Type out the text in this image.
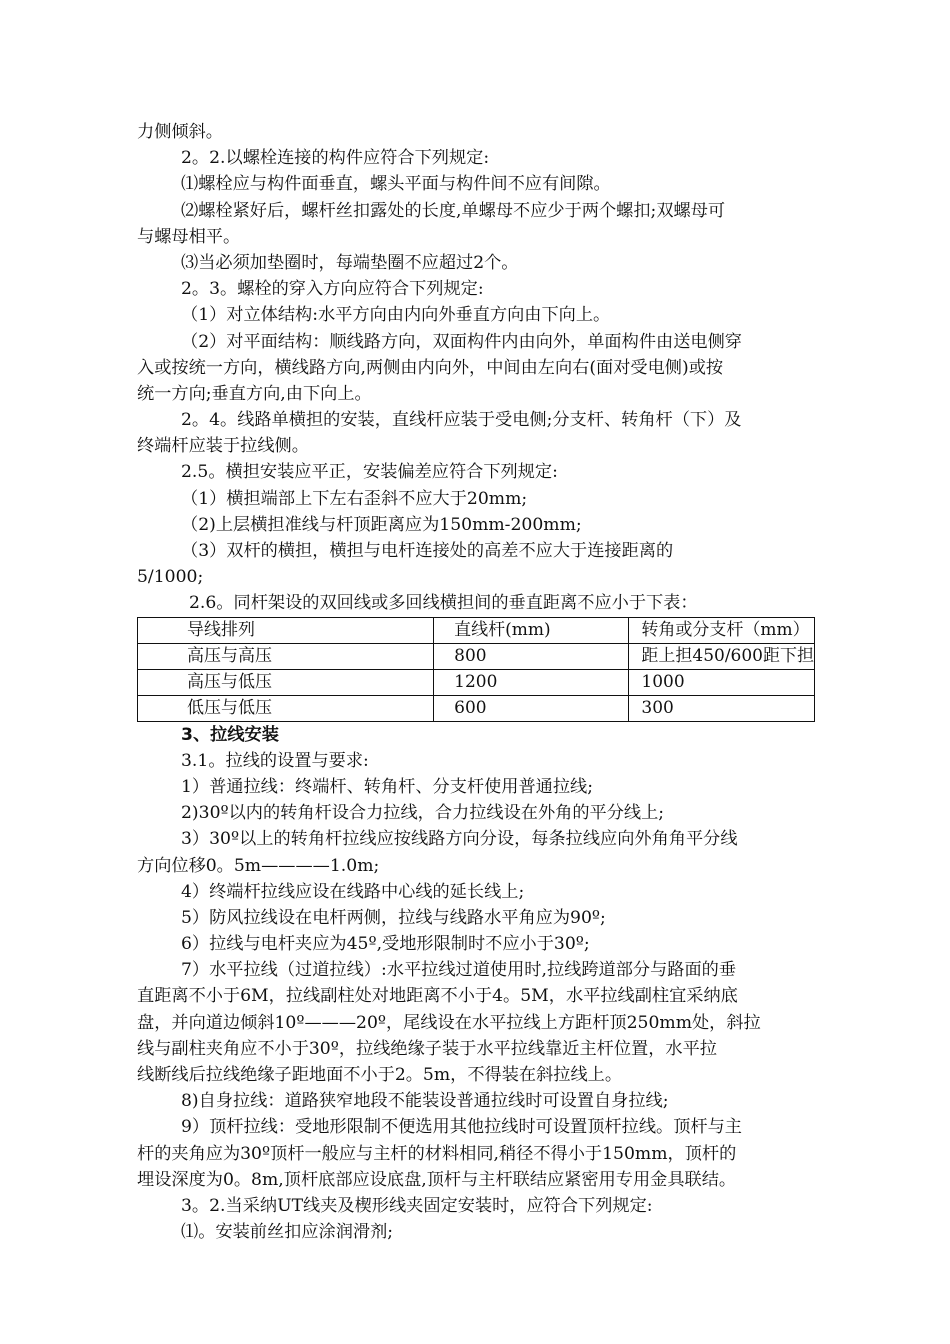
力侧倾斜。
2。2.以螺栓连接的构件应符合下列规定:
⑴螺栓应与构件面垂直，螺头平面与构件间不应有间隙。
⑵螺栓紧好后，螺杆丝扣露处的长度,单螺母不应少于两个螺扣;双螺母可
与螺母相平。
⑶当必须加垫圈时，每端垫圈不应超过2个。
2。3。螺栓的穿入方向应符合下列规定:
（1）对立体结构:水平方向由内向外垂直方向由下向上。
（2）对平面结构：顺线路方向，双面构件内由向外，单面构件由送电侧穿
入或按统一方向，横线路方向,两侧由内向外，中间由左向右(面对受电侧)或按
统一方向;垂直方向,由下向上。
2。4。线路单横担的安装，直线杆应装于受电侧;分支杆、转角杆（下）及
终端杆应装于拉线侧。
2.5。横担安装应平正，安装偏差应符合下列规定:
（1）横担端部上下左右歪斜不应大于20mm;
（2)上层横担准线与杆顶距离应为150mm-200mm;
（3）双杆的横担，横担与电杆连接处的高差不应大于连接距离的
5/1000;
2.6。同杆架设的双回线或多回线横担间的垂直距离不应小于下表：
导线排列	直线杆(mm)	转角或分支杆（mm）
高压与高压	800	距上担450/600距下担
高压与低压	1200	1000
低压与低压	600	300
3、拉线安装
3.1。拉线的设置与要求:
1）普通拉线：终端杆、转角杆、分支杆使用普通拉线;
2)30º以内的转角杆设合力拉线，合力拉线设在外角的平分线上;
3）30º以上的转角杆拉线应按线路方向分设，每条拉线应向外角角平分线
方向位移0。5m————1.0m;
4）终端杆拉线应设在线路中心线的延长线上;
5）防风拉线设在电杆两侧，拉线与线路水平角应为90º;
6）拉线与电杆夹应为45º,受地形限制时不应小于30º;
7）水平拉线（过道拉线）:水平拉线过道使用时,拉线跨道部分与路面的垂
直距离不小于6M，拉线副柱处对地距离不小于4。5M，水平拉线副柱宜采纳底
盘，并向道边倾斜10º———20º，尾线设在水平拉线上方距杆顶250mm处，斜拉
线与副柱夹角应不小于30º，拉线绝缘子装于水平拉线靠近主杆位置，水平拉
线断线后拉线绝缘子距地面不小于2。5m，不得装在斜拉线上。
8)自身拉线：道路狭窄地段不能装设普通拉线时可设置自身拉线;
9）顶杆拉线：受地形限制不便选用其他拉线时可设置顶杆拉线。顶杆与主
杆的夹角应为30º顶杆一般应与主杆的材料相同,稍径不得小于150mm，顶杆的
埋设深度为0。8m,顶杆底部应设底盘,顶杆与主杆联结应紧密用专用金具联结。
3。2.当采纳UT线夹及楔形线夹固定安装时，应符合下列规定:
⑴。安装前丝扣应涂润滑剂;
